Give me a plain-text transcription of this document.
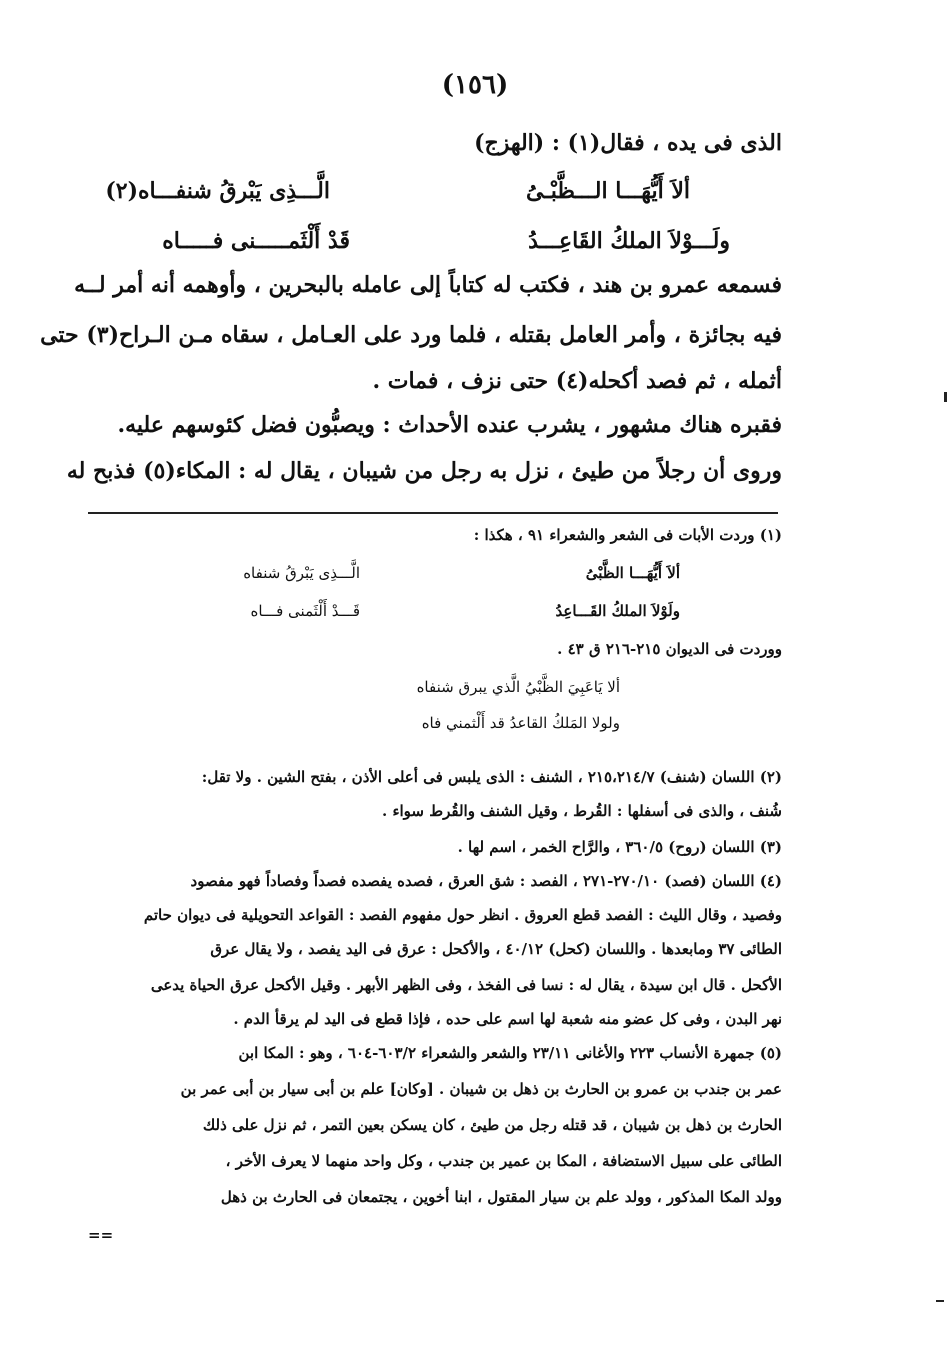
(١٥٦)
الذى فى يده ، فقال(١) : (الهزج)
ألاَ أَيُّهَـــا الـــظَّبْـىُ
الَّـــذِى يَبْرقُ شنفـــاه(٢)
ولَـــوْلاَ الملكُ القَاعِـــدُ
قَدْ أَلْثَمـــــنى فـــــاه
فسمعه عمرو بن هند ، فكتب له كتاباً إلى عامله بالبحرين ، وأوهمه أنه أمر لــه
فيه بجائزة ، وأمر العامل بقتله ، فلما ورد على العـامل ، سقاه مـن الـراح(٣) حتى
أثمله ، ثم فصد أكحله(٤) حتى نزف ، فمات .
فقبره هناك مشهور ، يشرب عنده الأحداث : ويصبُّون فضل كئوسهم عليه.
وروى أن رجلاً من طيئ ، نزل به رجل من شيبان ، يقال له : المكاء(٥) فذبح له
(١) وردت الأبات فى الشعر والشعراء ٩١ ، هكذا :
ألاَ أَيُّهَـــا الظَّبْىُ
الَّـــذِى يَبْرقُ شنفاه
ولَوْلاَ الملكُ القَـــاعِدُ
قَـــدْ أَلْثَمنى فـــاه
ووردت فى الديوان ٢١٥-٢١٦ ق ٤٣ .
ألا يَاعَبِيَ الظَّبْيُ الَّذي يبرق شنفاه
ولولا المَلكُ القاعدُ قد أَلْثمني فاه
(٢) اللسان (شنف) ٢١٥،٢١٤/٧ ، الشنف : الذى يلبس فى أعلى الأذن ، بفتح الشين . ولا تقل:
شُنف ، والذى فى أسفلها : القُرط ، وقيل الشنف والقُرط سواء .
(٣) اللسان (روح) ٣٦٠/٥ ، والرَّاح الخمر ، اسم لها .
(٤) اللسان (فصد) ٢٧٠/١٠-٢٧١ ، الفصد : شق العرق ، فصده يفصده فصداً وفصاداً فهو مفصود
وفصيد ، وقال الليث : الفصد قطع العروق . انظر حول مفهوم الفصد : القواعد التحويلية فى ديوان حاتم
الطائى ٣٧ ومابعدها . واللسان (كحل) ٤٠/١٢ ، والأكحل : عرق فى اليد يفصد ، ولا يقال عرق
الأكحل . قال ابن سيدة ، يقال له : نسا فى الفخذ ، وفى الظهر الأبهر . وقيل الأكحل عرق الحياة يدعى
نهر البدن ، وفى كل عضو منه شعبة لها اسم على حده ، فإذا قطع فى اليد لم يرقأ الدم .
(٥) جمهرة الأنساب ٢٢٣ والأغانى ٢٣/١١ والشعر والشعراء ٦٠٣/٢-٦٠٤ ، وهو : المكا ابن
عمر بن جندب بن عمرو بن الحارث بن ذهل بن شيبان . [وكان] علم بن أبى سيار بن أبى عمر بن
الحارث بن ذهل بن شيبان ، قد قتله رجل من طيئ ، كان يسكن بعين التمر ، ثم نزل على ذلك
الطائى على سبيل الاستضافة ، المكا بن عمير بن جندب ، وكل واحد منهما لا يعرف الأخر ،
وولد المكا المذكور ، وولد علم بن سيار المقتول ، ابنا أخوين ، يجتمعان فى الحارث بن ذهل
==
